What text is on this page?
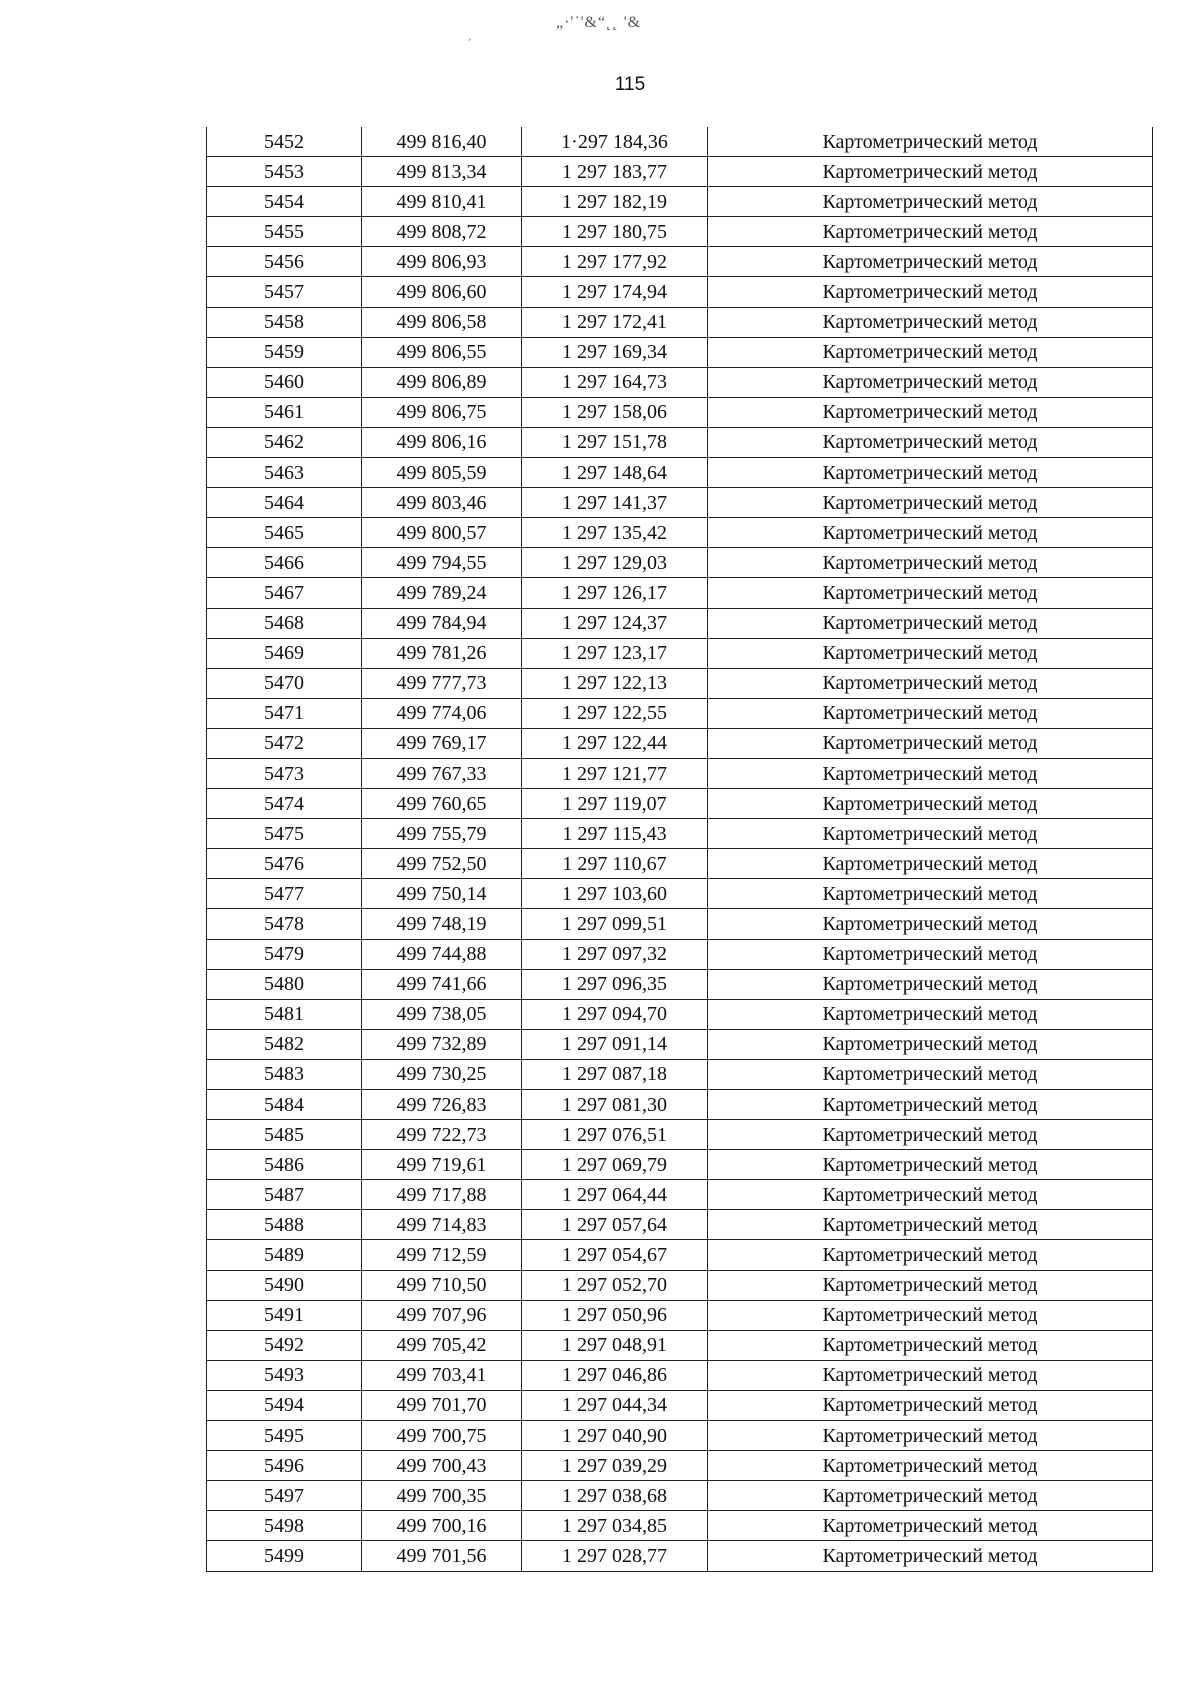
„·'˙'&“˛˛ '&
¸
115
5452	499 816,40	1·297 184,36	Картометрический метод
5453	499 813,34	1 297 183,77	Картометрический метод
5454	499 810,41	1 297 182,19	Картометрический метод
5455	499 808,72	1 297 180,75	Картометрический метод
5456	499 806,93	1 297 177,92	Картометрический метод
5457	499 806,60	1 297 174,94	Картометрический метод
5458	499 806,58	1 297 172,41	Картометрический метод
5459	499 806,55	1 297 169,34	Картометрический метод
5460	499 806,89	1 297 164,73	Картометрический метод
5461	499 806,75	1 297 158,06	Картометрический метод
5462	499 806,16	1 297 151,78	Картометрический метод
5463	499 805,59	1 297 148,64	Картометрический метод
5464	499 803,46	1 297 141,37	Картометрический метод
5465	499 800,57	1 297 135,42	Картометрический метод
5466	499 794,55	1 297 129,03	Картометрический метод
5467	499 789,24	1 297 126,17	Картометрический метод
5468	499 784,94	1 297 124,37	Картометрический метод
5469	499 781,26	1 297 123,17	Картометрический метод
5470	499 777,73	1 297 122,13	Картометрический метод
5471	499 774,06	1 297 122,55	Картометрический метод
5472	499 769,17	1 297 122,44	Картометрический метод
5473	499 767,33	1 297 121,77	Картометрический метод
5474	499 760,65	1 297 119,07	Картометрический метод
5475	499 755,79	1 297 115,43	Картометрический метод
5476	499 752,50	1 297 110,67	Картометрический метод
5477	499 750,14	1 297 103,60	Картометрический метод
5478	499 748,19	1 297 099,51	Картометрический метод
5479	499 744,88	1 297 097,32	Картометрический метод
5480	499 741,66	1 297 096,35	Картометрический метод
5481	499 738,05	1 297 094,70	Картометрический метод
5482	499 732,89	1 297 091,14	Картометрический метод
5483	499 730,25	1 297 087,18	Картометрический метод
5484	499 726,83	1 297 081,30	Картометрический метод
5485	499 722,73	1 297 076,51	Картометрический метод
5486	499 719,61	1 297 069,79	Картометрический метод
5487	499 717,88	1 297 064,44	Картометрический метод
5488	499 714,83	1 297 057,64	Картометрический метод
5489	499 712,59	1 297 054,67	Картометрический метод
5490	499 710,50	1 297 052,70	Картометрический метод
5491	499 707,96	1 297 050,96	Картометрический метод
5492	499 705,42	1 297 048,91	Картометрический метод
5493	499 703,41	1 297 046,86	Картометрический метод
5494	499 701,70	1 297 044,34	Картометрический метод
5495	499 700,75	1 297 040,90	Картометрический метод
5496	499 700,43	1 297 039,29	Картометрический метод
5497	499 700,35	1 297 038,68	Картометрический метод
5498	499 700,16	1 297 034,85	Картометрический метод
5499	499 701,56	1 297 028,77	Картометрический метод
